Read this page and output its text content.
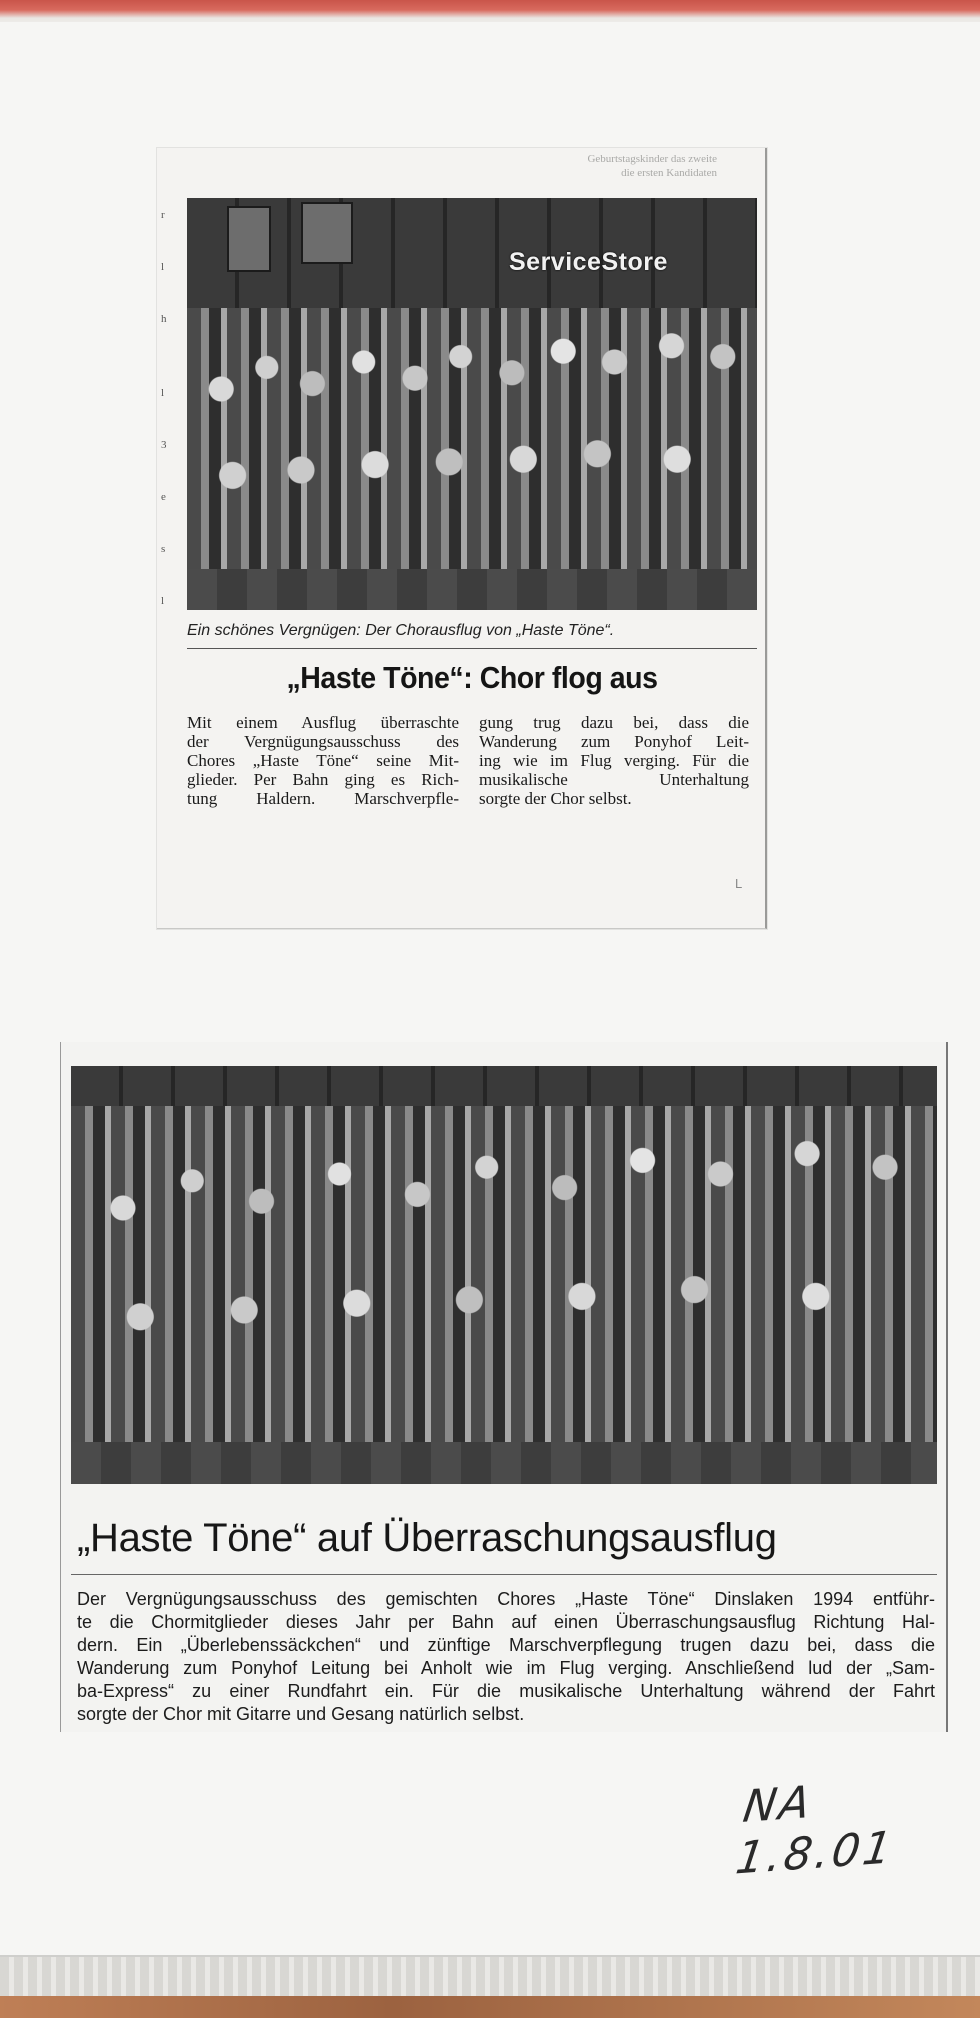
Geburtstagskinder das zweite
die ersten Kandidaten
r
l
h
l
3
e
s
l
ServiceStore
Ein schönes Vergnügen: Der Chorausflug von „Haste Töne“.
„Haste Töne“: Chor flog aus
Mit einem Ausflug überraschte
der Vergnügungsausschuss des
Chores „Haste Töne“ seine Mit-
glieder. Per Bahn ging es Rich-
tung Haldern. Marschverpfle-
gung trug dazu bei, dass die
Wanderung zum Ponyhof Leit-
ing wie im Flug verging. Für die
musikalische Unterhaltung
sorgte der Chor selbst.
L
„Haste Töne“ auf Überraschungsausflug
Der Vergnügungsausschuss des gemischten Chores „Haste Töne“ Dinslaken 1994 entführ-
te die Chormitglieder dieses Jahr per Bahn auf einen Überraschungsausflug Richtung Hal-
dern. Ein „Überlebenssäckchen“ und zünftige Marschverpflegung trugen dazu bei, dass die
Wanderung zum Ponyhof Leitung bei Anholt wie im Flug verging. Anschließend lud der „Sam-
ba-Express“ zu einer Rundfahrt ein. Für die musikalische Unterhaltung während der Fahrt
sorgte der Chor mit Gitarre und Gesang natürlich selbst.
NA 1.8.01
